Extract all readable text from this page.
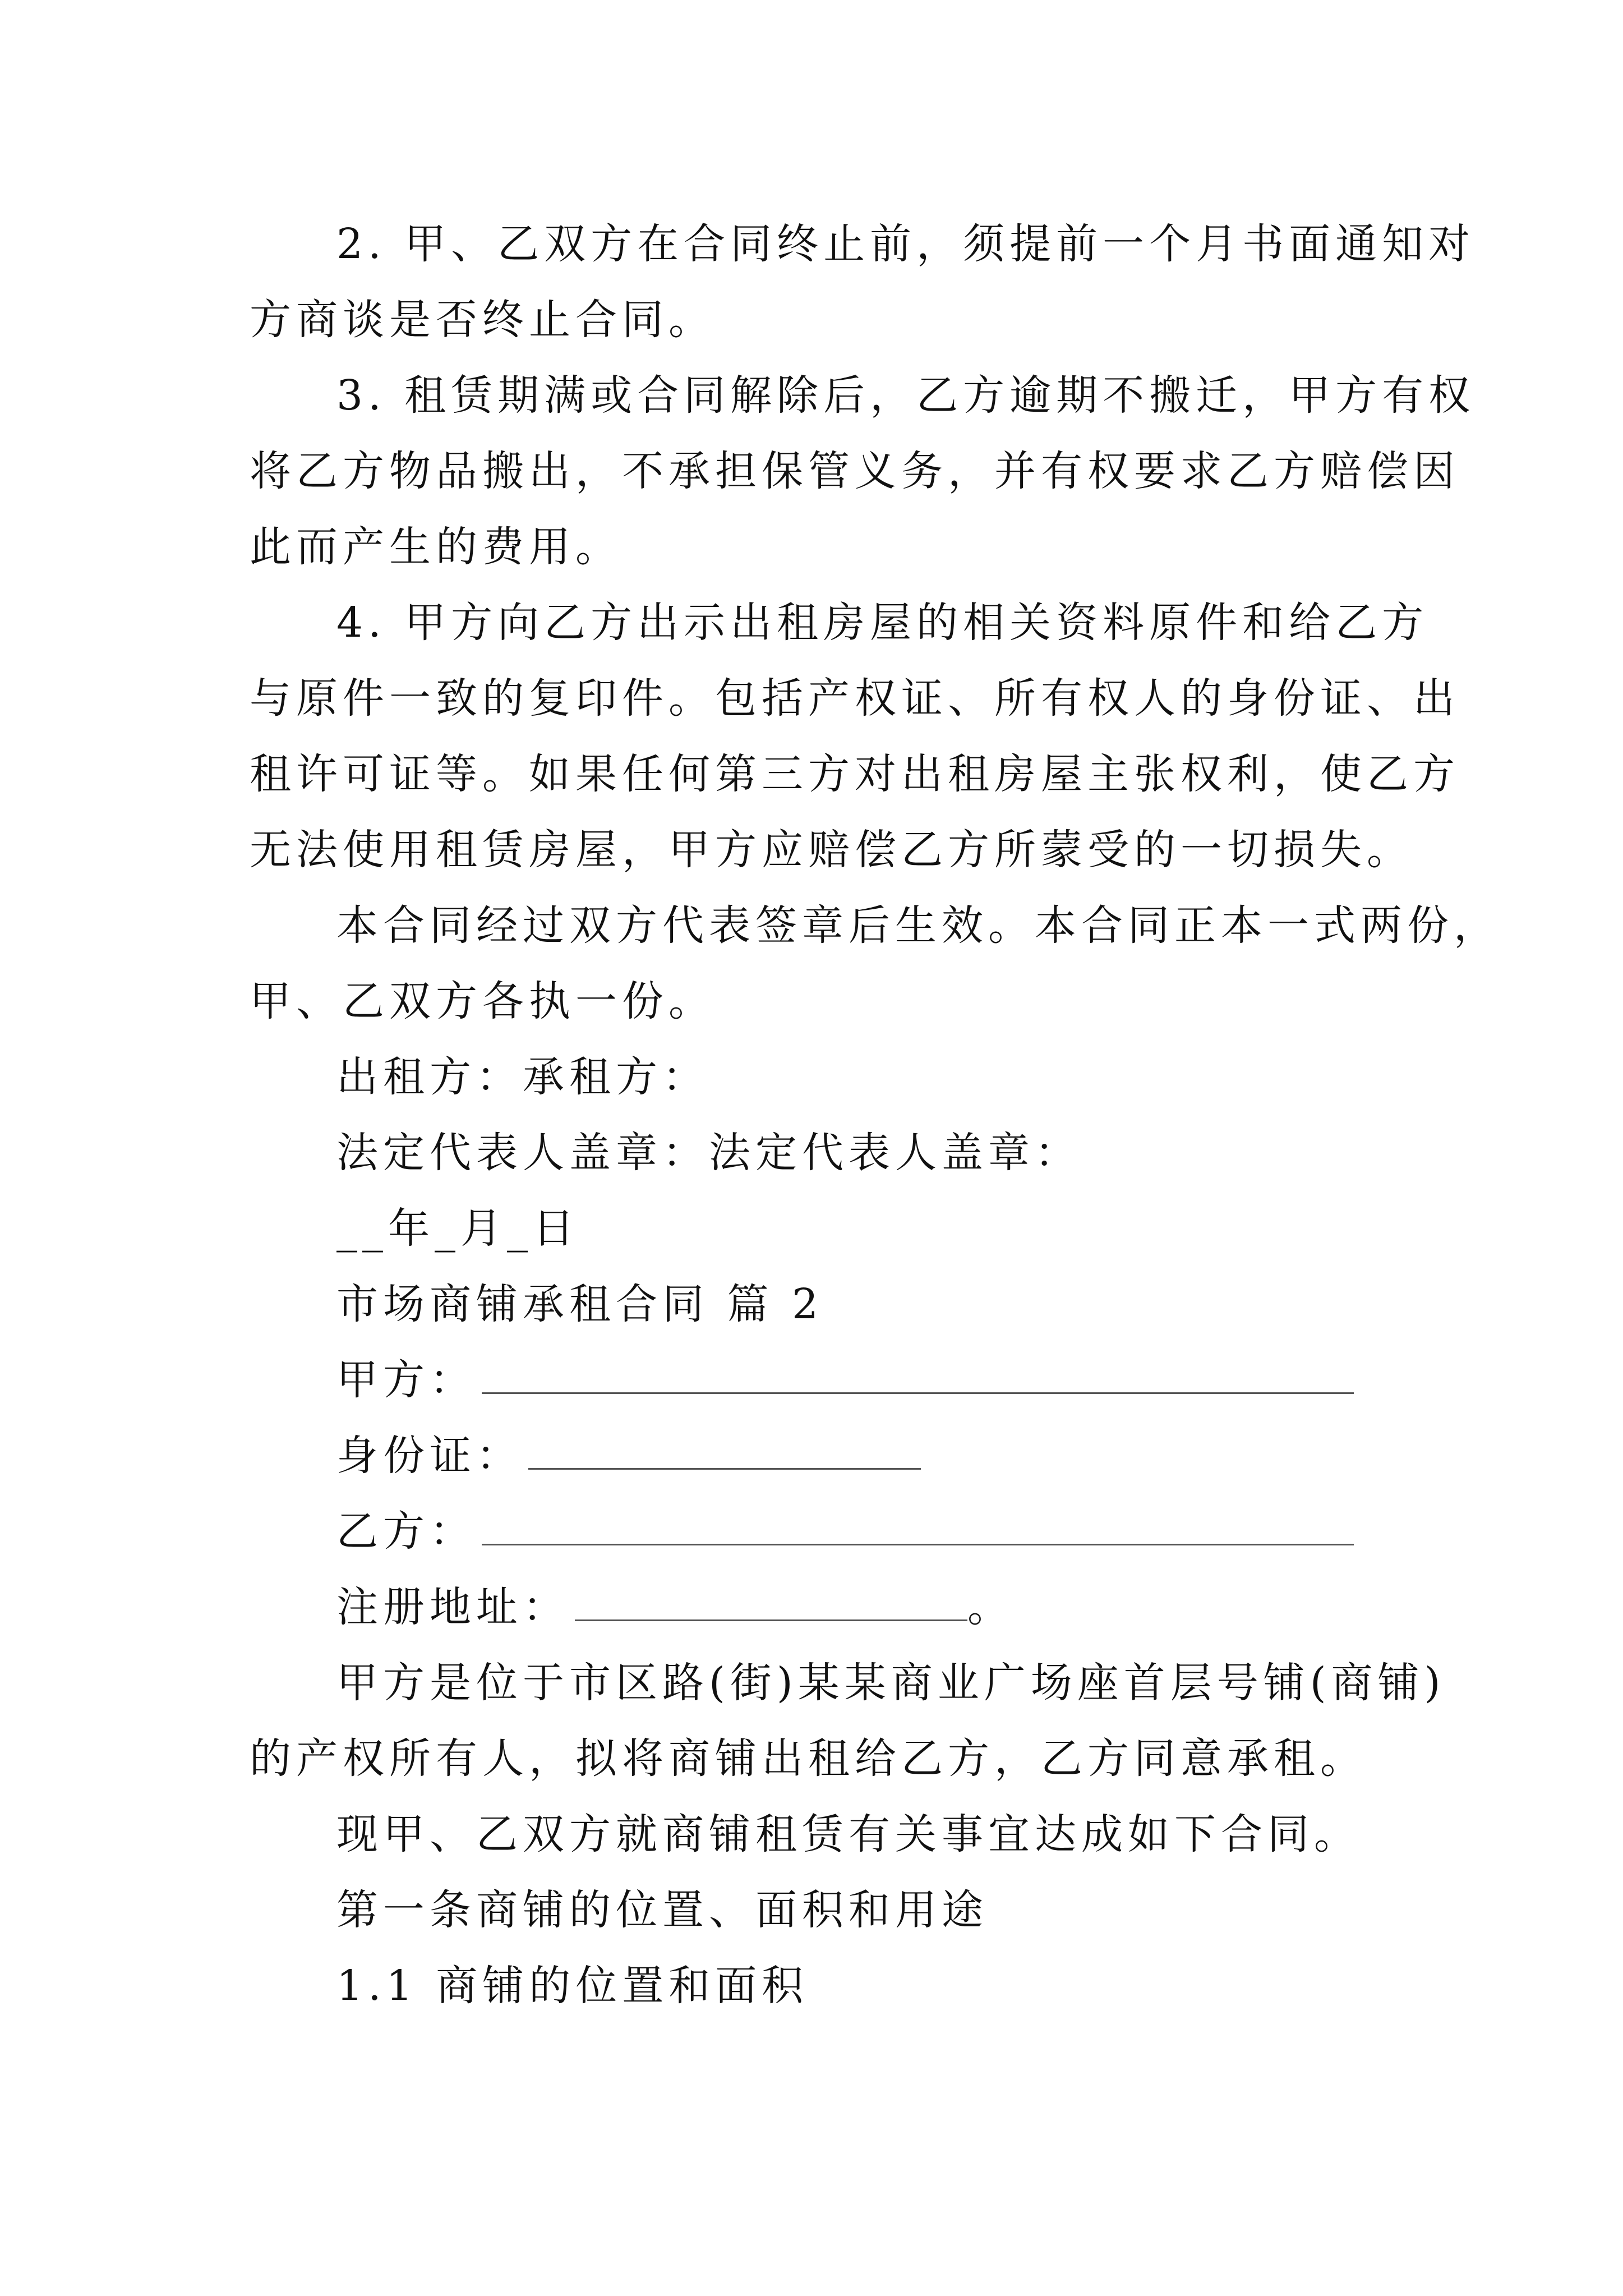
2. 甲、乙双方在合同终止前，须提前一个月书面通知对
方商谈是否终止合同。
3. 租赁期满或合同解除后，乙方逾期不搬迁，甲方有权
将乙方物品搬出，不承担保管义务，并有权要求乙方赔偿因
此而产生的费用。
4. 甲方向乙方出示出租房屋的相关资料原件和给乙方
与原件一致的复印件。包括产权证、所有权人的身份证、出
租许可证等。如果任何第三方对出租房屋主张权利，使乙方
无法使用租赁房屋，甲方应赔偿乙方所蒙受的一切损失。
本合同经过双方代表签章后生效。本合同正本一式两份，
甲、乙双方各执一份。
出租方：承租方：
法定代表人盖章：法定代表人盖章：
__年_月_日
市场商铺承租合同 篇 2
甲方：
身份证：
乙方：
注册地址：	。
甲方是位于市区路(街)某某商业广场座首层号铺(商铺)
的产权所有人，拟将商铺出租给乙方，乙方同意承租。
现甲、乙双方就商铺租赁有关事宜达成如下合同。
第一条商铺的位置、面积和用途
1.1 商铺的位置和面积
